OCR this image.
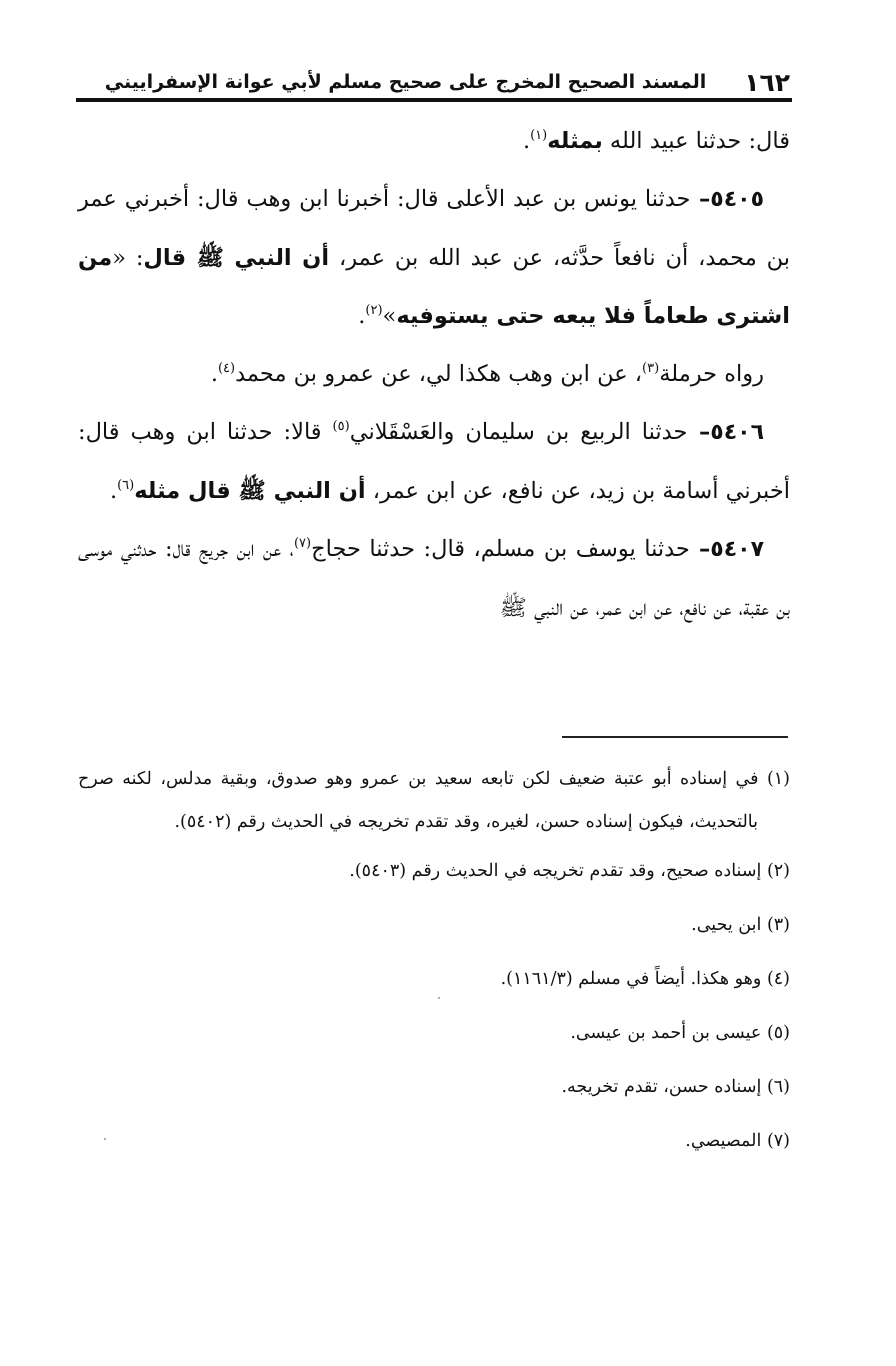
١٦٢
المسند الصحيح المخرج على صحيح مسلم لأبي عوانة الإسفراييني

قال: حدثنا عبيد الله بمثله$^{(١)}$.

٥٤٠٥– حدثنا يونس بن عبد الأعلى قال: أخبرنا ابن وهب قال: أخبرني عمر بن محمد، أن نافعاً حدَّثه، عن عبد الله بن عمر، أن النبي ﷺ قال: «من اشترى طعاماً فلا يبعه حتى يستوفيه»$^{(٢)}$.

رواه حرملة$^{(٣)}$، عن ابن وهب هكذا لي، عن عمرو بن محمد$^{(٤)}$.

٥٤٠٦– حدثنا الربيع بن سليمان والعَسْقَلاني$^{(٥)}$ قالا: حدثنا ابن وهب قال: أخبرني أسامة بن زيد، عن نافع، عن ابن عمر، أن النبي ﷺ قال مثله$^{(٦)}$.

٥٤٠٧– حدثنا يوسف بن مسلم، قال: حدثنا حجاج$^{(٧)}$، عن ابن جريج قال: حدثني موسى بن عقبة، عن نافع، عن ابن عمر، عن النبي ﷺ

(١) في إسناده أبو عتبة ضعيف لكن تابعه سعيد بن عمرو وهو صدوق، وبقية مدلس، لكنه صرح بالتحديث، فيكون إسناده حسن، لغيره، وقد تقدم تخريجه في الحديث رقم (٥٤٠٢).

(٢) إسناده صحيح، وقد تقدم تخريجه في الحديث رقم (٥٤٠٣).

(٣) ابن يحيى.

(٤) وهو هكذا. أيضاً في مسلم (١١٦١/٣).

(٥) عيسى بن أحمد بن عيسى.

(٦) إسناده حسن، تقدم تخريجه.

(٧) المصيصي.
